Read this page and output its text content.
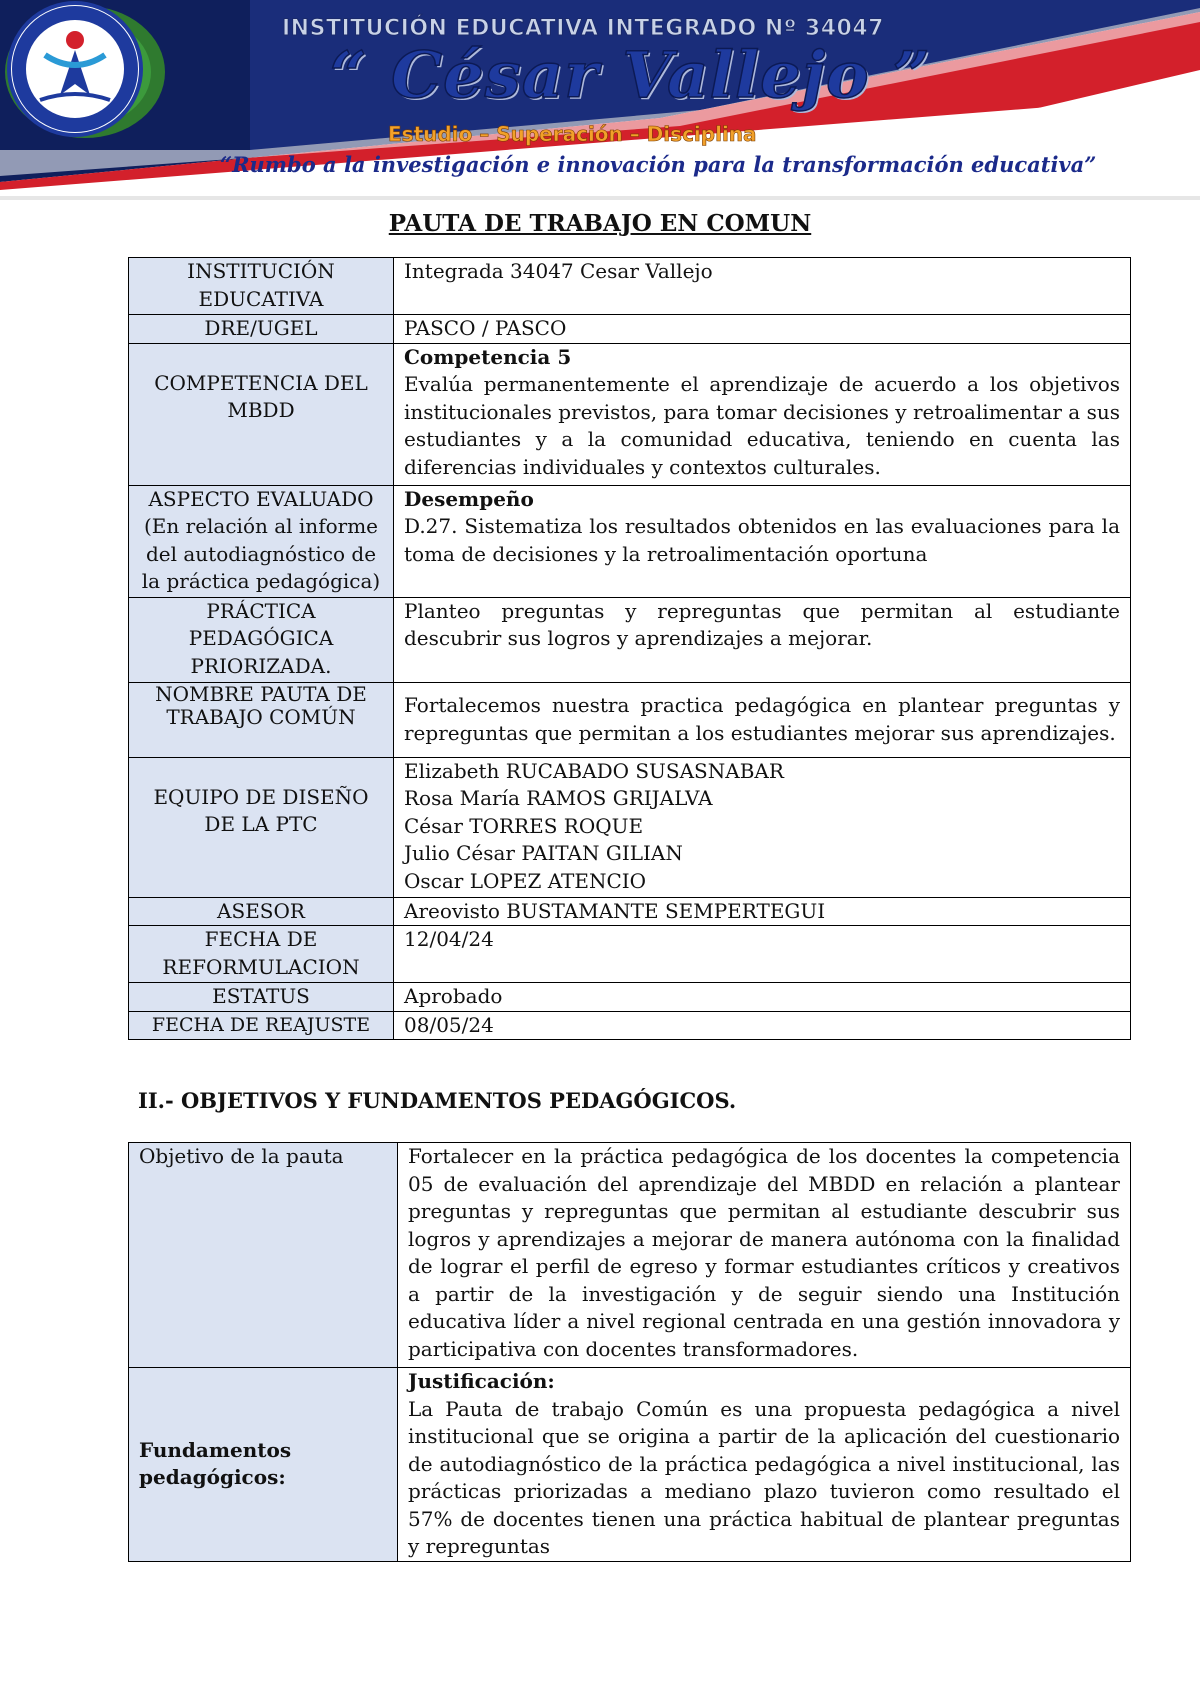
INSTITUCIÓN EDUCATIVA INTEGRADO Nº 34047
“ César Vallejo ”
Estudio – Superación – Disciplina
“Rumbo a la investigación e innovación para la transformación educativa”
PAUTA DE TRABAJO EN COMUN
INSTITUCIÓN EDUCATIVA	Integrada 34047 Cesar Vallejo
DRE/UGEL	PASCO / PASCO
COMPETENCIA DEL MBDD	Competencia 5
Evalúa permanentemente el aprendizaje de acuerdo a los objetivos institucionales previstos, para tomar decisiones y retroalimentar a sus estudiantes y a la comunidad educativa, teniendo en cuenta las diferencias individuales y contextos culturales.

ASPECTO EVALUADO (En relación al informe del autodiagnóstico de la práctica pedagógica)	Desempeño
D.27. Sistematiza los resultados obtenidos en las evaluaciones para la toma de decisiones y la retroalimentación oportuna

PRÁCTICA PEDAGÓGICA PRIORIZADA.	Planteo preguntas y repreguntas que permitan al estudiante descubrir sus logros y aprendizajes a mejorar.
NOMBRE PAUTA DE TRABAJO COMÚN	Fortalecemos nuestra practica pedagógica en plantear preguntas y repreguntas que permitan a los estudiantes mejorar sus aprendizajes.
EQUIPO DE DISEÑO DE LA PTC	Elizabeth RUCABADO SUSASNABAR
Rosa María RAMOS GRIJALVA
César TORRES ROQUE
Julio César PAITAN GILIAN
Oscar LOPEZ ATENCIO

ASESOR	Areovisto BUSTAMANTE SEMPERTEGUI
FECHA DE REFORMULACION	12/04/24
ESTATUS	Aprobado
FECHA DE REAJUSTE	08/05/24
II.- OBJETIVOS Y FUNDAMENTOS PEDAGÓGICOS.
Objetivo de la pauta	Fortalecer en la práctica pedagógica de los docentes la competencia 05 de evaluación del aprendizaje del MBDD en relación a plantear preguntas y repreguntas que permitan al estudiante descubrir sus logros y aprendizajes a mejorar de manera autónoma con la finalidad de lograr el perfil de egreso y formar estudiantes críticos y creativos a partir de la investigación y de seguir siendo una Institución educativa líder a nivel regional centrada en una gestión innovadora y participativa con docentes transformadores.
Fundamentos pedagógicos:	Justificación:
La Pauta de trabajo Común es una propuesta pedagógica a nivel institucional que se origina a partir de la aplicación del cuestionario de autodiagnóstico de la práctica pedagógica a nivel institucional, las prácticas priorizadas a mediano plazo tuvieron como resultado el 57% de docentes tienen una práctica habitual de plantear preguntas y repreguntas
